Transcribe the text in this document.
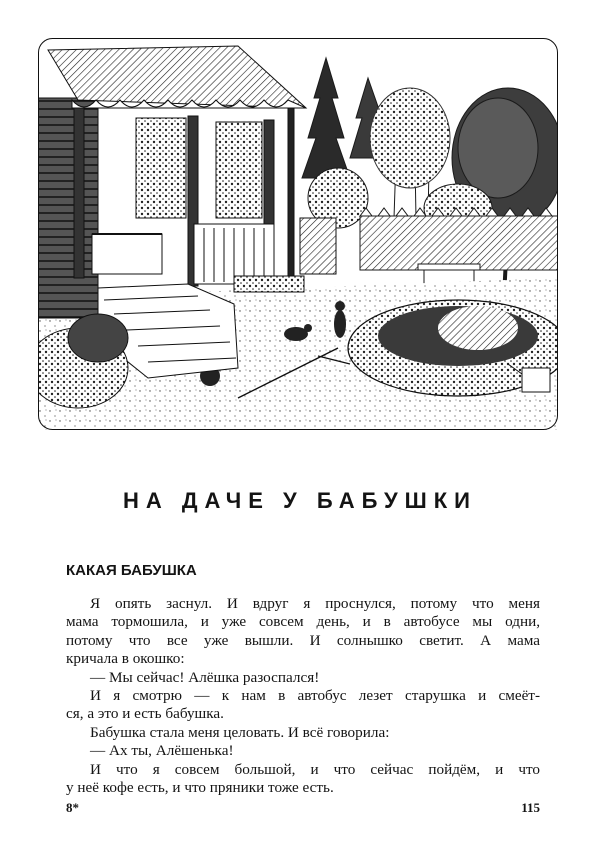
НА ДАЧЕ У БАБУШКИ
КАКАЯ БАБУШКА
Я опять заснул. И вдруг я проснулся, потому что меня
мама тормошила, и уже совсем день, и в автобусе мы одни,
потому что все уже вышли. И солнышко светит. А мама
кричала в окошко:
— Мы сейчас! Алёшка разоспался!
И я смотрю — к нам в автобус лезет старушка и смеёт-
ся, а это и есть бабушка.
Бабушка стала меня целовать. И всё говорила:
— Ах ты, Алёшенька!
И что я совсем большой, и что сейчас пойдём, и что
у неё кофе есть, и что пряники тоже есть.
8*	115
